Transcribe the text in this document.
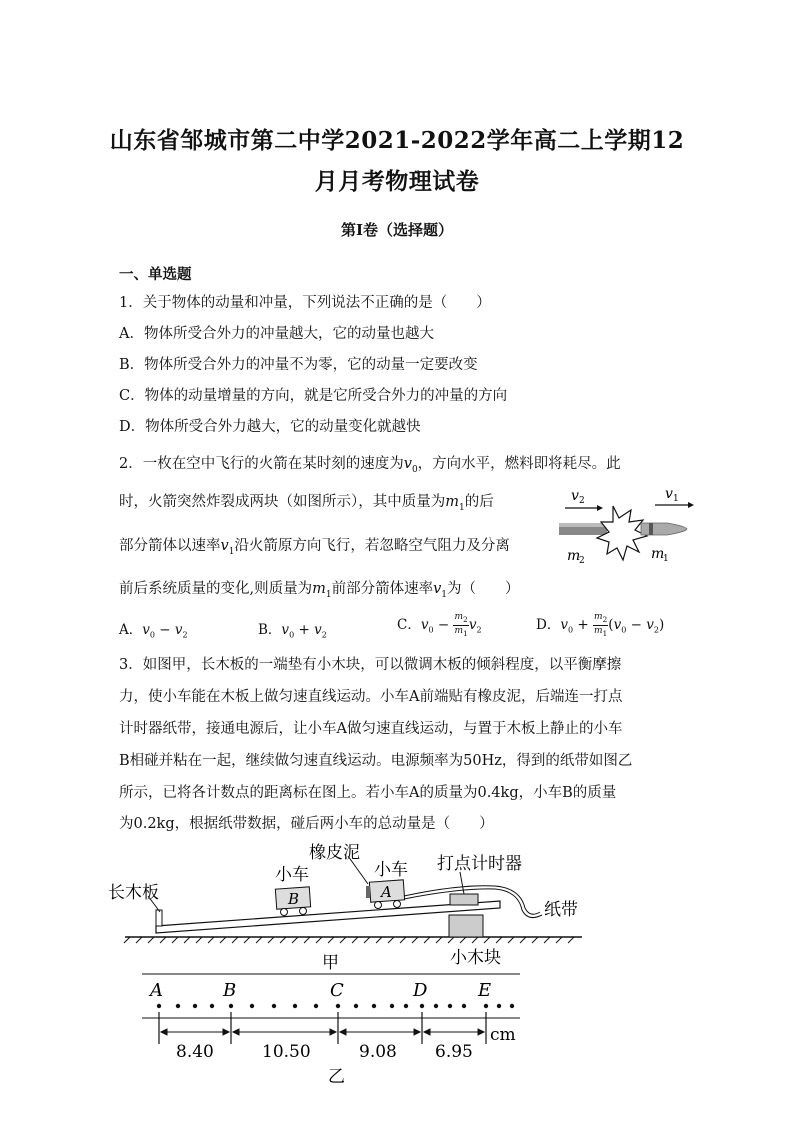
山东省邹城市第二中学2021-2022学年高二上学期12
月月考物理试卷
第I卷（选择题）
一、单选题
1．关于物体的动量和冲量，下列说法不正确的是（　　）
A．物体所受合外力的冲量越大，它的动量也越大
B．物体所受合外力的冲量不为零，它的动量一定要改变
C．物体的动量增量的方向，就是它所受合外力的冲量的方向
D．物体所受合外力越大，它的动量变化就越快
2．一枚在空中飞行的火箭在某时刻的速度为$v_0$，方向水平，燃料即将耗尽。此
时，火箭突然炸裂成两块（如图所示），其中质量为$m_1$的后
部分箭体以速率$v_1$沿火箭原方向飞行，若忽略空气阻力及分离
前后系统质量的变化,则质量为$m_1$前部分箭体速率$v_1$为（　　）
v 2	v 1
m
2	m
1
A．$v_0 - v_2$	B．$v_0 + v_2$
C．$v_0 - \frac{m_2}{m_1} v_2$	D．$v_0 + \frac{m_2}{m_1} (v_0 - v_2)$
3．如图甲，长木板的一端垫有小木块，可以微调木板的倾斜程度，以平衡摩擦
力，使小车能在木板上做匀速直线运动。小车A前端贴有橡皮泥，后端连一打点
计时器纸带，接通电源后，让小车A做匀速直线运动，与置于木板上静止的小车
B相碰并粘在一起，继续做匀速直线运动。电源频率为50Hz，得到的纸带如图乙
所示，已将各计数点的距离标在图上。若小车A的质量为0.4kg，小车B的质量
为0.2kg，根据纸带数据，碰后两小车的总动量是（　　）
B	A
长木板
小车
橡皮泥
小车 打点计时器
纸带
小木块
甲
A	B	C	D	E
8.40	10.50	9.08 6.95
cm
乙
